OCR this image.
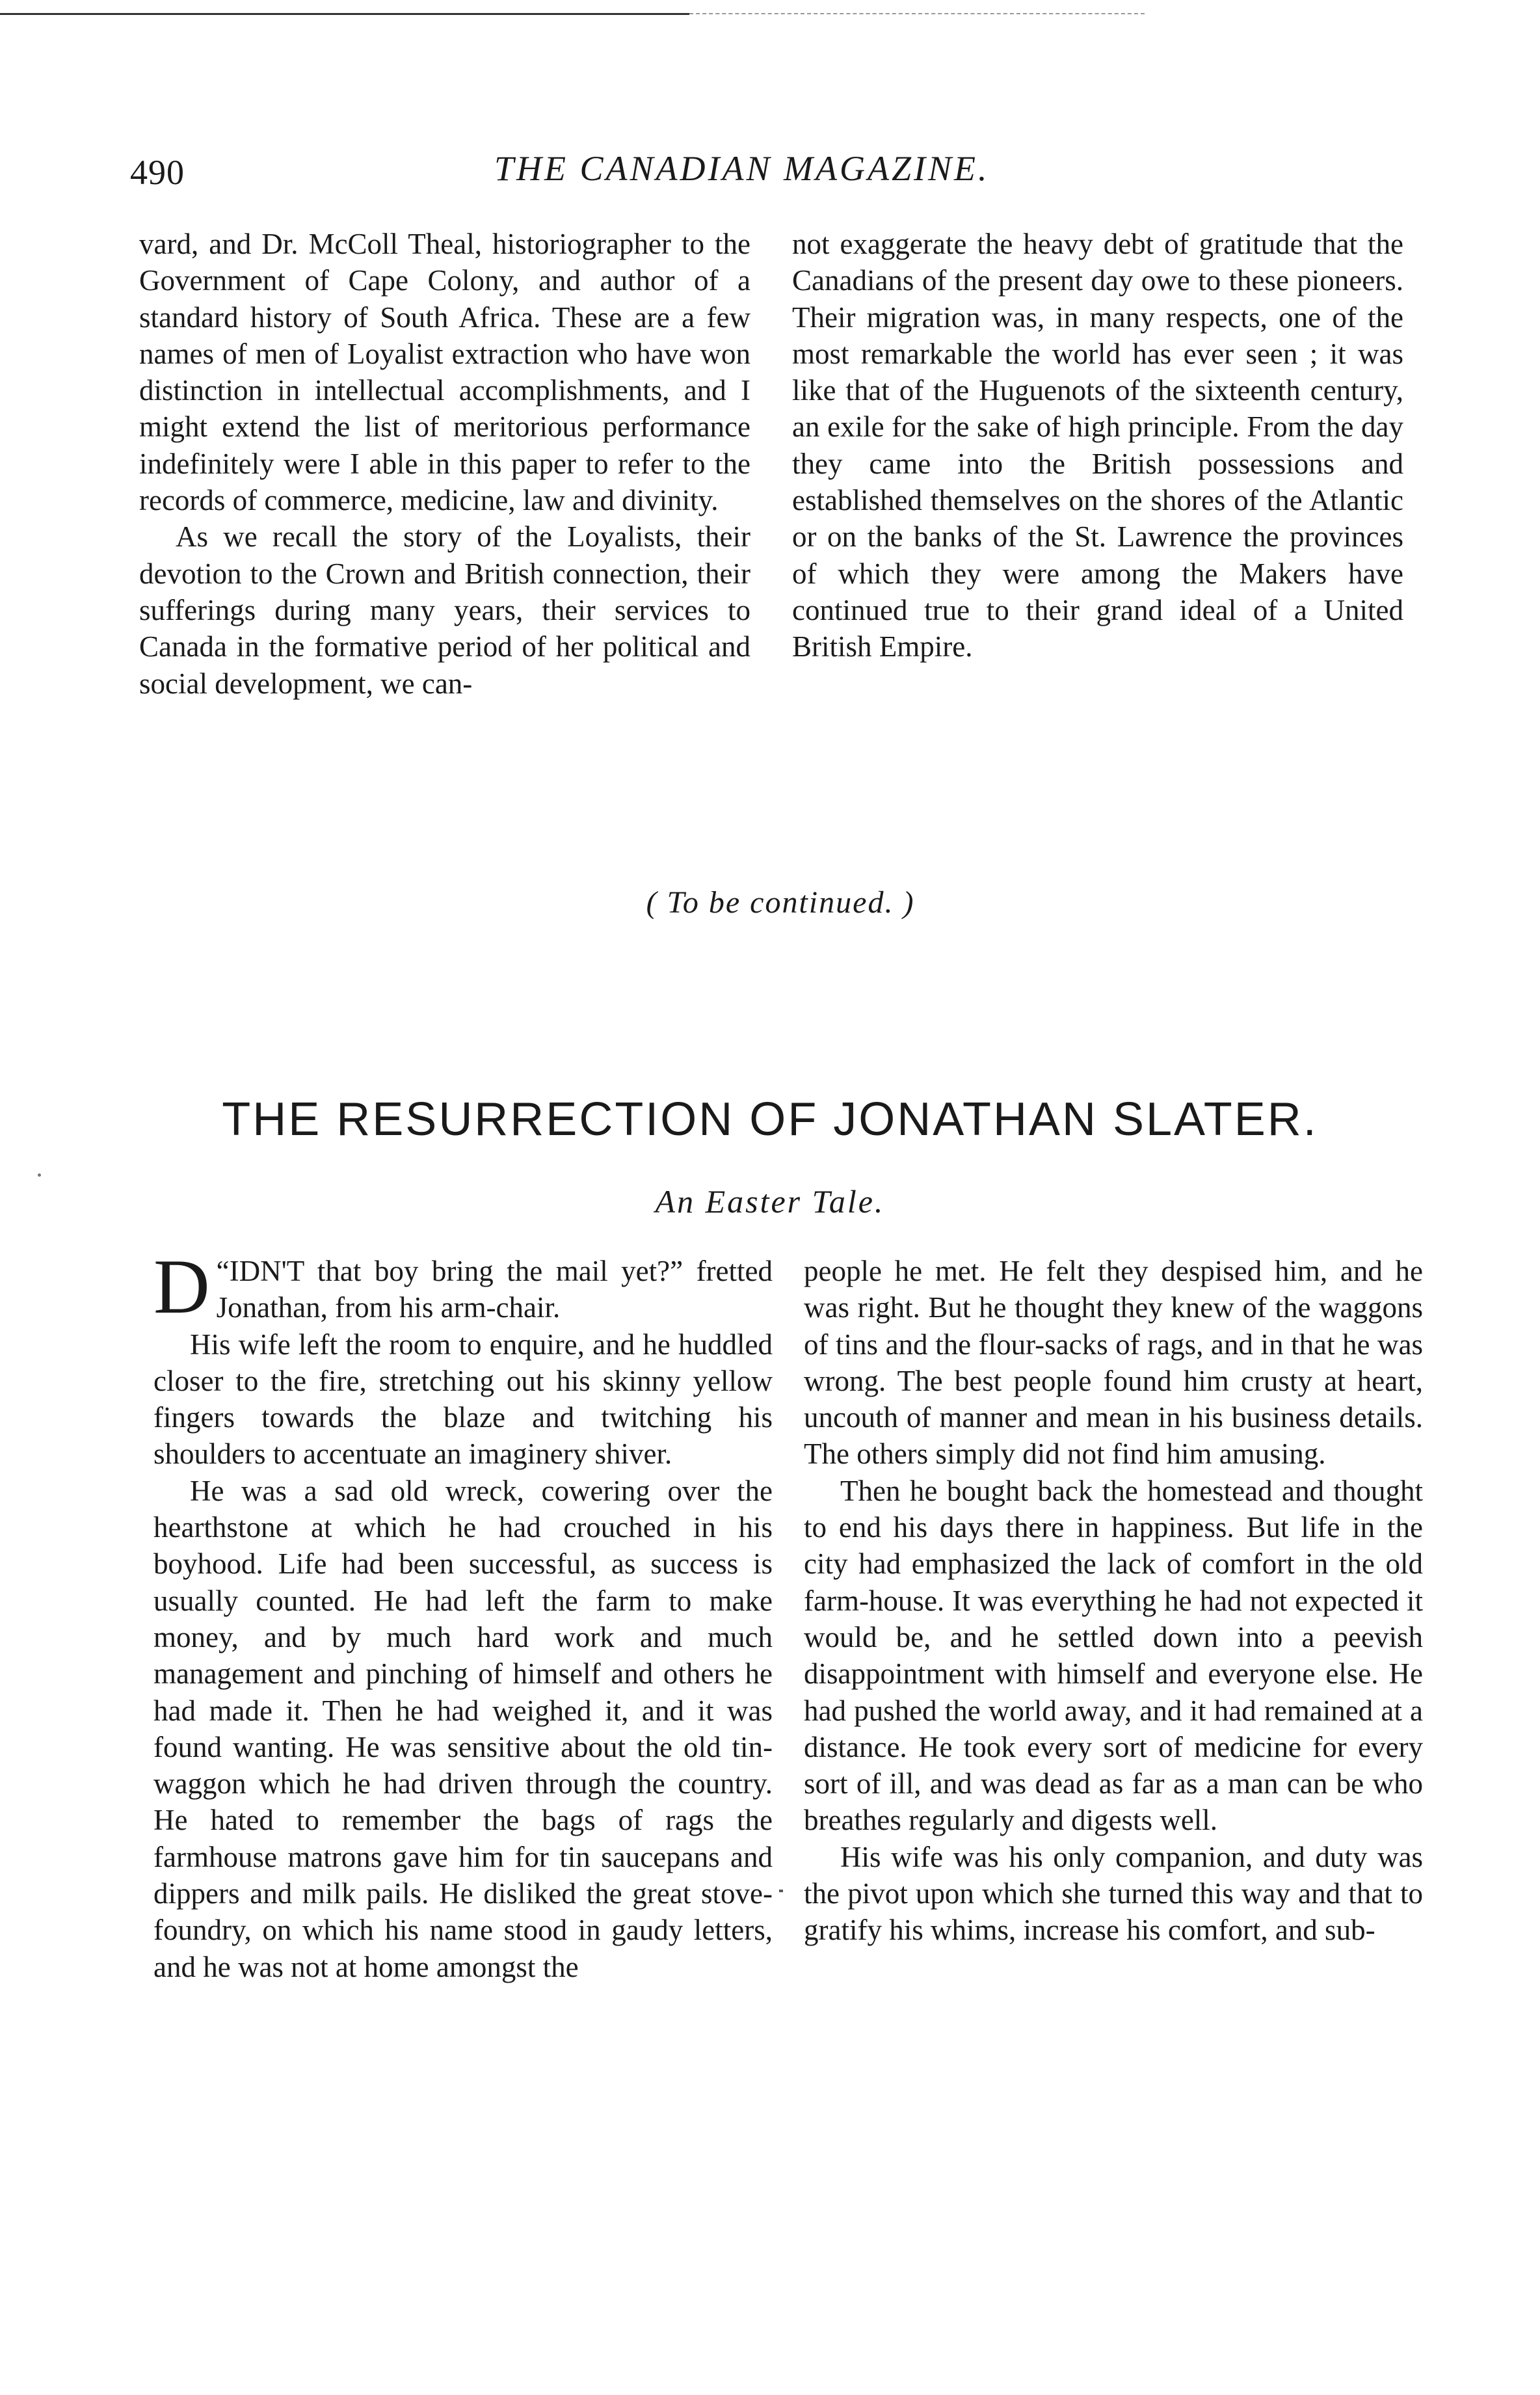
490	THE CANADIAN MAGAZINE.

vard, and Dr. McColl Theal, historiographer to the Government of Cape Colony, and author of a standard history of South Africa. These are a few names of men of Loyalist extraction who have won distinction in intellectual accomplishments, and I might extend the list of meritorious performance indefinitely were I able in this paper to refer to the records of commerce, medicine, law and divinity.

As we recall the story of the Loyalists, their devotion to the Crown and British connection, their sufferings during many years, their services to Canada in the formative period of her political and social development, we can-

not exaggerate the heavy debt of gratitude that the Canadians of the present day owe to these pioneers. Their migration was, in many respects, one of the most remarkable the world has ever seen ; it was like that of the Huguenots of the sixteenth century, an exile for the sake of high principle. From the day they came into the British possessions and established themselves on the shores of the Atlantic or on the banks of the St. Lawrence the provinces of which they were among the Makers have continued true to their grand ideal of a United British Empire.

( To be continued. )
THE RESURRECTION OF JONATHAN SLATER.
An Easter Tale.

“
D IDN'T that boy bring the mail yet?” fretted Jonathan, from his arm-chair.

His wife left the room to enquire, and he huddled closer to the fire, stretching out his skinny yellow fingers towards the blaze and twitching his shoulders to accentuate an imaginery shiver.

He was a sad old wreck, cowering over the hearthstone at which he had crouched in his boyhood. Life had been successful, as success is usually counted. He had left the farm to make money, and by much hard work and much management and pinching of himself and others he had made it. Then he had weighed it, and it was found wanting. He was sensitive about the old tin-waggon which he had driven through the country. He hated to remember the bags of rags the farmhouse matrons gave him for tin saucepans and dippers and milk pails. He disliked the great stove-foundry, on which his name stood in gaudy letters, and he was not at home amongst the

people he met. He felt they despised him, and he was right. But he thought they knew of the waggons of tins and the flour-sacks of rags, and in that he was wrong. The best people found him crusty at heart, uncouth of manner and mean in his business details. The others simply did not find him amusing.

Then he bought back the homestead and thought to end his days there in happiness. But life in the city had emphasized the lack of comfort in the old farm-house. It was everything he had not expected it would be, and he settled down into a peevish disappointment with himself and everyone else. He had pushed the world away, and it had remained at a distance. He took every sort of medicine for every sort of ill, and was dead as far as a man can be who breathes regularly and digests well.

His wife was his only companion, and duty was the pivot upon which she turned this way and that to gratify his whims, increase his comfort, and sub-
